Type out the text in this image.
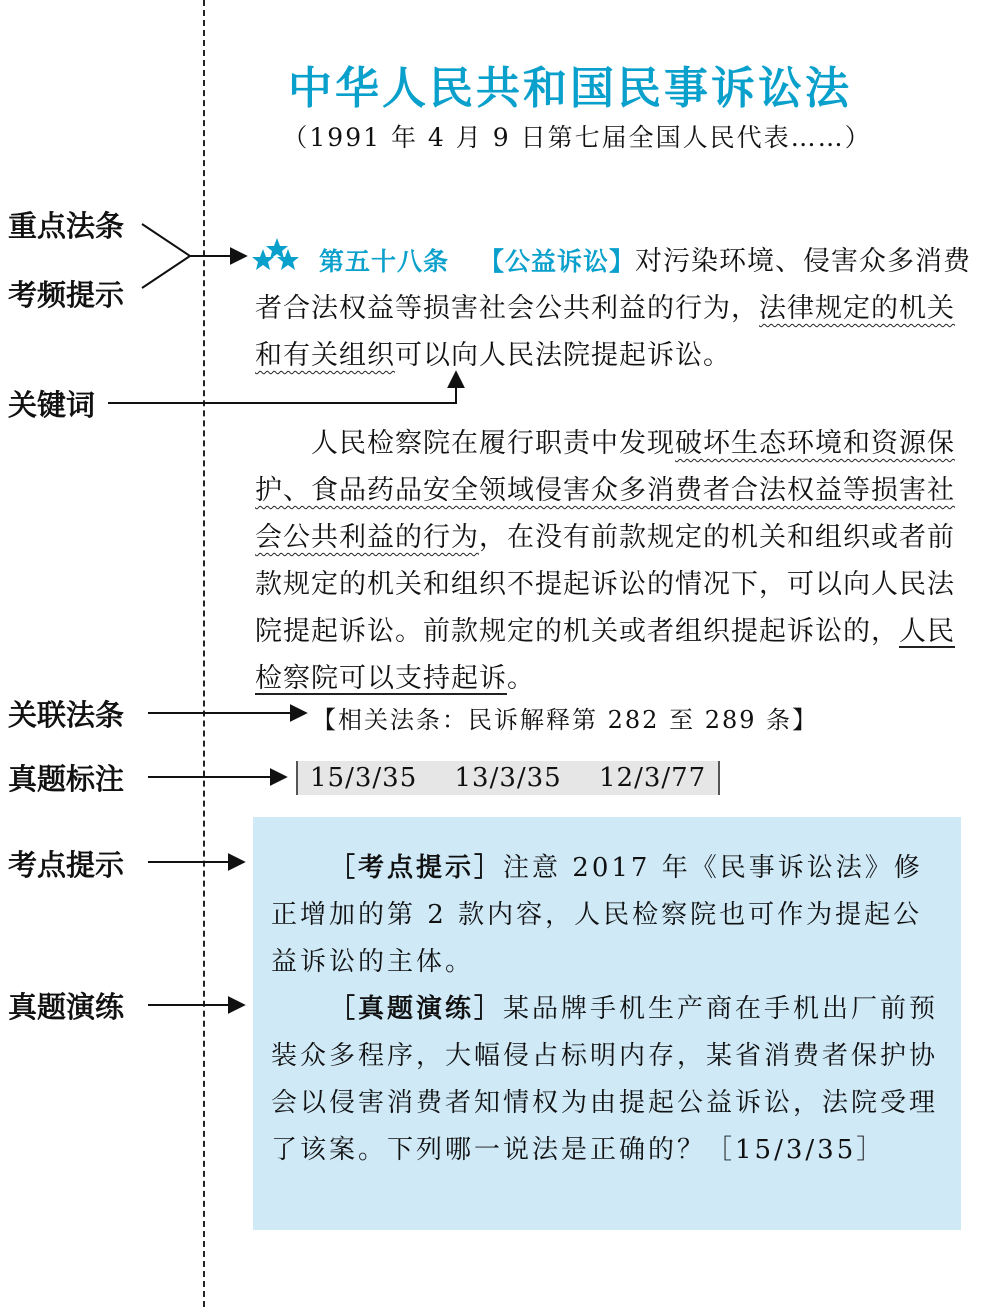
中华人民共和国民事诉讼法
（1991 年 4 月 9 日第七届全国人民代表……）
重点法条
考频提示
关键词
关联法条
真题标注
考点提示
真题演练
第五十八条 【公益诉讼】对污染环境、侵害众多消费者合法权益等损害社会公共利益的行为，法律规定的机关和有关组织可以向人民法院提起诉讼。
人民检察院在履行职责中发现破坏生态环境和资源保护、食品药品安全领域侵害众多消费者合法权益等损害社会公共利益的行为，在没有前款规定的机关和组织或者前款规定的机关和组织不提起诉讼的情况下，可以向人民法院提起诉讼。前款规定的机关或者组织提起诉讼的，人民检察院可以支持起诉。
【相关法条：民诉解释第 282 至 289 条】
15/3/35 13/3/35 12/3/77

［考点提示］注意 2017 年《民事诉讼法》修正增加的第 2 款内容，人民检察院也可作为提起公益诉讼的主体。

［真题演练］某品牌手机生产商在手机出厂前预装众多程序，大幅侵占标明内存，某省消费者保护协会以侵害消费者知情权为由提起公益诉讼，法院受理了该案。下列哪一说法是正确的？［15/3/35］
